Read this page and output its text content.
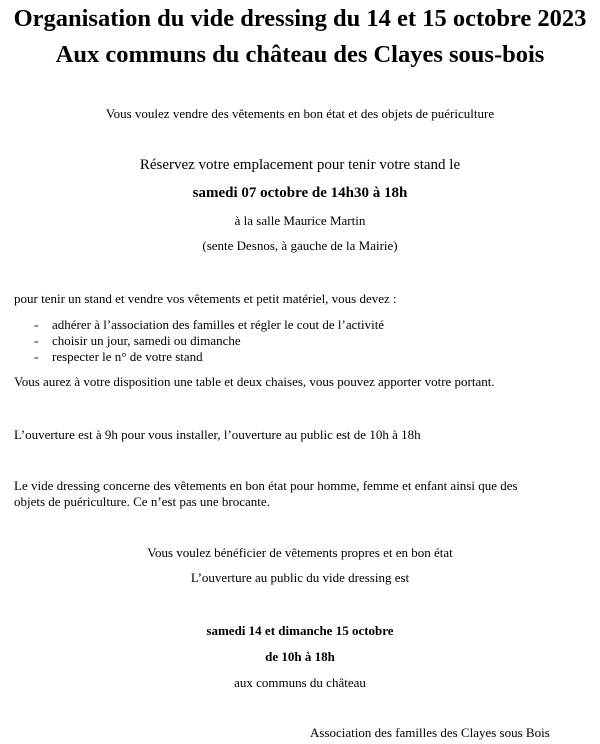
Organisation du vide dressing du 14 et 15 octobre 2023
Aux communs du château des Clayes sous-bois
Vous voulez vendre des vêtements en bon état et des objets de puériculture
Réservez votre emplacement pour tenir votre stand le
samedi 07 octobre de 14h30 à 18h
à la salle Maurice Martin
(sente Desnos, à gauche de la Mairie)
pour tenir un stand et vendre vos vêtements et petit matériel, vous devez :
- adhérer à l’association des familles et régler le cout de l’activité
- choisir un jour, samedi ou dimanche
- respecter le n° de votre stand
Vous aurez à votre disposition une table et deux chaises, vous pouvez apporter votre portant.
L’ouverture est à 9h pour vous installer, l’ouverture au public est de 10h à 18h
Le vide dressing concerne des vêtements en bon état pour homme, femme et enfant ainsi que des
objets de puériculture. Ce n’est pas une brocante.
Vous voulez bénéficier de vêtements propres et en bon état
L’ouverture au public du vide dressing est
samedi 14 et dimanche 15 octobre
de 10h à 18h
aux communs du château
Association des familles des Clayes sous Bois
